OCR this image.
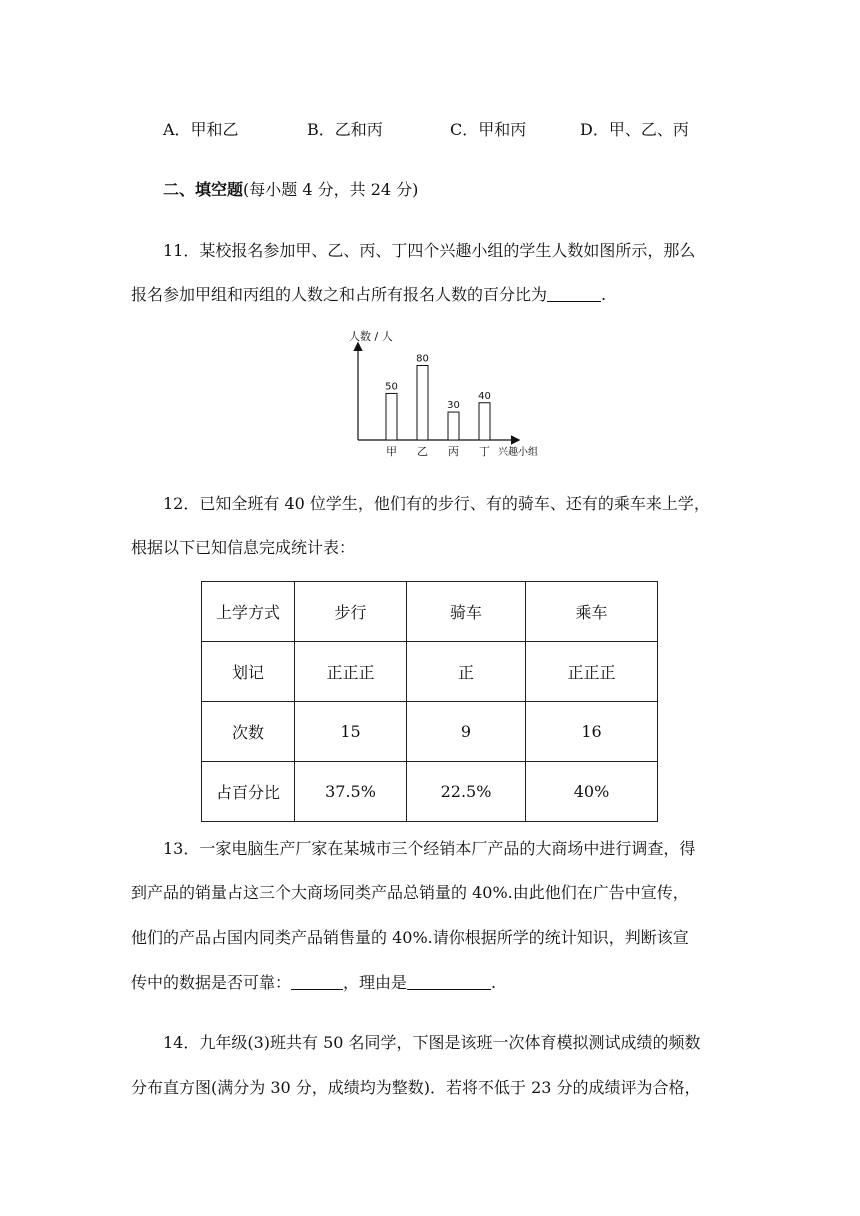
A．甲和乙	B．乙和丙	C．甲和丙	D．甲、乙、丙
二、填空题(每小题 4 分，共 24 分)
11．某校报名参加甲、乙、丙、丁四个兴趣小组的学生人数如图所示，那么
报名参加甲组和丙组的人数之和占所有报名人数的百分比为	.
人数 / 人
兴趣小组
50
甲
80
乙
30
丙
40
丁
12．已知全班有 40 位学生，他们有的步行、有的骑车、还有的乘车来上学，
根据以下已知信息完成统计表：
上学方式	步行	骑车	乘车
划记	正正正	正	正正正
次数	15	9	16
占百分比	37.5%	22.5%	40%
13．一家电脑生产厂家在某城市三个经销本厂产品的大商场中进行调查，得
到产品的销量占这三个大商场同类产品总销量的 40%.由此他们在广告中宣传，
他们的产品占国内同类产品销售量的 40%.请你根据所学的统计知识，判断该宣
传中的数据是否可靠：	，理由是	.
14．九年级(3)班共有 50 名同学，下图是该班一次体育模拟测试成绩的频数
分布直方图(满分为 30 分，成绩均为整数)．若将不低于 23 分的成绩评为合格，
